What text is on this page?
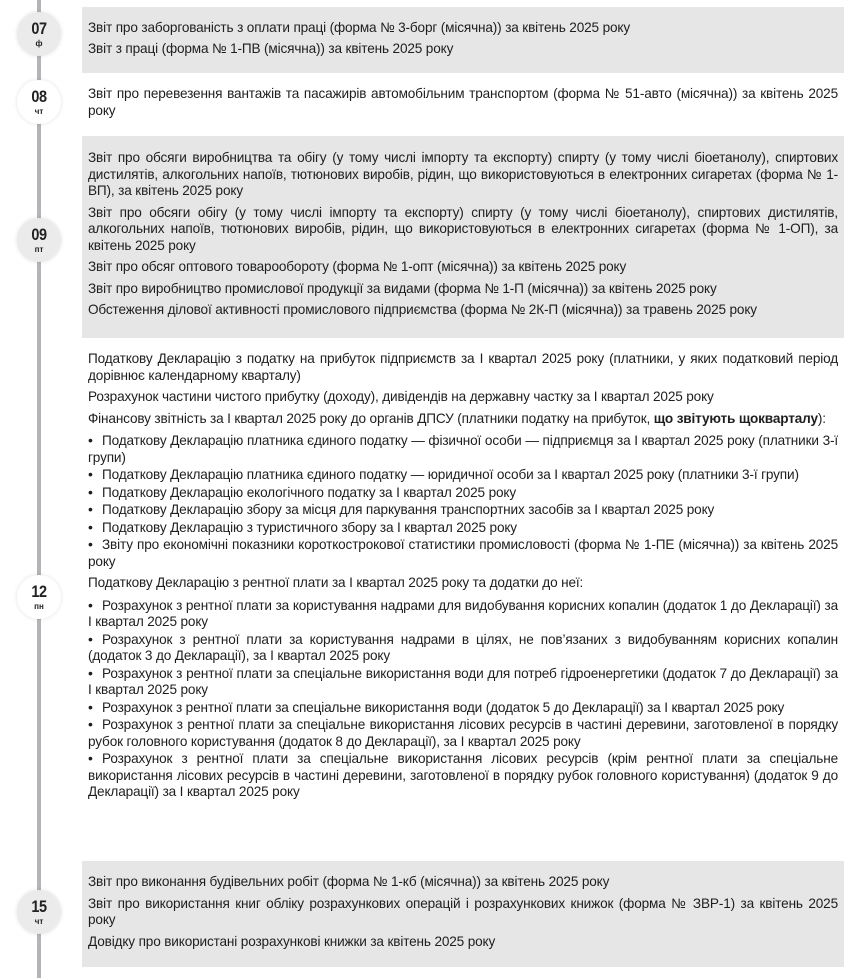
Звіт про заборгованість з оплати праці (форма № 3-борг (місячна)) за квітень 2025 року
Звіт з праці (форма № 1-ПВ (місячна)) за квітень 2025 року
07
ф
Звіт про перевезення вантажів та пасажирів автомобільним транспортом (форма № 51-авто (місячна)) за квітень 2025 року
08
чт
Звіт про обсяги виробництва та обігу (у тому числі імпорту та експорту) спирту (у тому числі біоетанолу), спиртових дистилятів, алкогольних напоїв, тютюнових виробів, рідин, що використовуються в електронних сигаретах (форма № 1-ВП), за квітень 2025 року
Звіт про обсяги обігу (у тому числі імпорту та експорту) спирту (у тому числі біоетанолу), спиртових дистилятів, алкогольних напоїв, тютюнових виробів, рідин, що використовуються в електронних сигаретах (форма № 1-ОП), за квітень 2025 року
Звіт про обсяг оптового товарообороту (форма № 1-опт (місячна)) за квітень 2025 року
Звіт про виробництво промислової продукції за видами (форма № 1-П (місячна)) за квітень 2025 року
Обстеження ділової активності промислового підприємства (форма № 2К-П (місячна)) за травень 2025 року
09
пт
Податкову Декларацію з податку на прибуток підприємств за I квартал 2025 року (платники, у яких податковий період дорівнює календарному кварталу)
Розрахунок частини чистого прибутку (доходу), дивідендів на державну частку за I квартал 2025 року
Фінансову звітність за I квартал 2025 року до органів ДПСУ (платники податку на прибуток, що звітують щокварталу):
• Податкову Декларацію платника єдиного податку — фізичної особи — підприємця за I квартал 2025 року (платники 3-ї групи)
• Податкову Декларацію платника єдиного податку — юридичної особи за I квартал 2025 року (платники 3-ї групи)
• Податкову Декларацію екологічного податку за I квартал 2025 року
• Податкову Декларацію збору за місця для паркування транспортних засобів за I квартал 2025 року
• Податкову Декларацію з туристичного збору за I квартал 2025 року
• Звіту про економічні показники короткострокової статистики промисловості (форма № 1-ПЕ (місячна)) за квітень 2025 року
Податкову Декларацію з рентної плати за I квартал 2025 року та додатки до неї:
• Розрахунок з рентної плати за користування надрами для видобування корисних копалин (додаток 1 до Декларації) за I квартал 2025 року
• Розрахунок з рентної плати за користування надрами в цілях, не пов’язаних з видобуванням корисних копалин (додаток 3 до Декларації), за I квартал 2025 року
• Розрахунок з рентної плати за спеціальне використання води для потреб гідроенергетики (додаток 7 до Декларації) за I квартал 2025 року
• Розрахунок з рентної плати за спеціальне використання води (додаток 5 до Декларації) за I квартал 2025 року
• Розрахунок з рентної плати за спеціальне використання лісових ресурсів в частині деревини, заготовленої в порядку рубок головного користування (додаток 8 до Декларації), за I квартал 2025 року
• Розрахунок з рентної плати за спеціальне використання лісових ресурсів (крім рентної плати за спеціальне використання лісових ресурсів в частині деревини, заготовленої в порядку рубок головного користування) (додаток 9 до Декларації) за I квартал 2025 року
12
пн
Звіт про виконання будівельних робіт (форма № 1-кб (місячна)) за квітень 2025 року
Звіт про використання книг обліку розрахункових операцій і розрахункових книжок (форма № ЗВР-1) за квітень 2025 року
Довідку про використані розрахункові книжки за квітень 2025 року
15
чт
